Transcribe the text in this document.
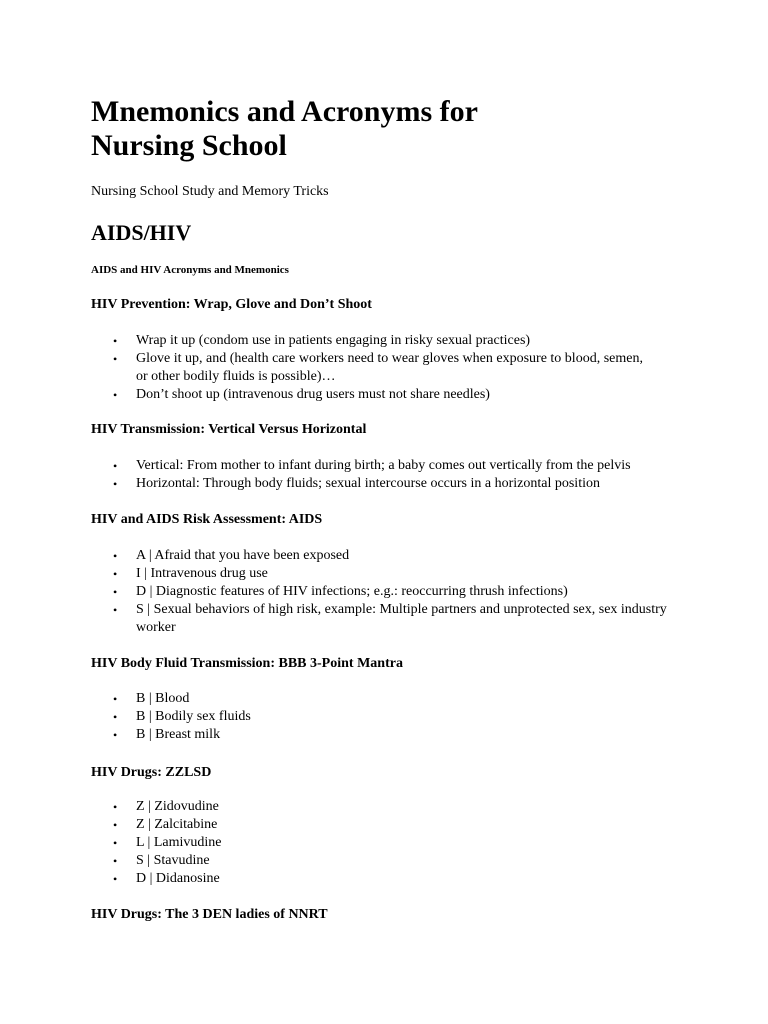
Mnemonics and Acronyms for
Nursing School

Nursing School Study and Memory Tricks

AIDS/HIV

AIDS and HIV Acronyms and Mnemonics

HIV Prevention: Wrap, Glove and Don’t Shoot
• Wrap it up (condom use in patients engaging in risky sexual practices)
• Glove it up, and (health care workers need to wear gloves when exposure to blood, semen, or other bodily fluids is possible)…
• Don’t shoot up (intravenous drug users must not share needles)
HIV Transmission: Vertical Versus Horizontal
• Vertical: From mother to infant during birth; a baby comes out vertically from the pelvis
• Horizontal: Through body fluids; sexual intercourse occurs in a horizontal position
HIV and AIDS Risk Assessment: AIDS
• A | Afraid that you have been exposed
• I | Intravenous drug use
• D | Diagnostic features of HIV infections; e.g.: reoccurring thrush infections)
• S | Sexual behaviors of high risk, example: Multiple partners and unprotected sex, sex industry worker
HIV Body Fluid Transmission: BBB 3-Point Mantra
• B | Blood
• B | Bodily sex fluids
• B | Breast milk
HIV Drugs: ZZLSD
• Z | Zidovudine
• Z | Zalcitabine
• L | Lamivudine
• S | Stavudine
• D | Didanosine
HIV Drugs: The 3 DEN ladies of NNRT
